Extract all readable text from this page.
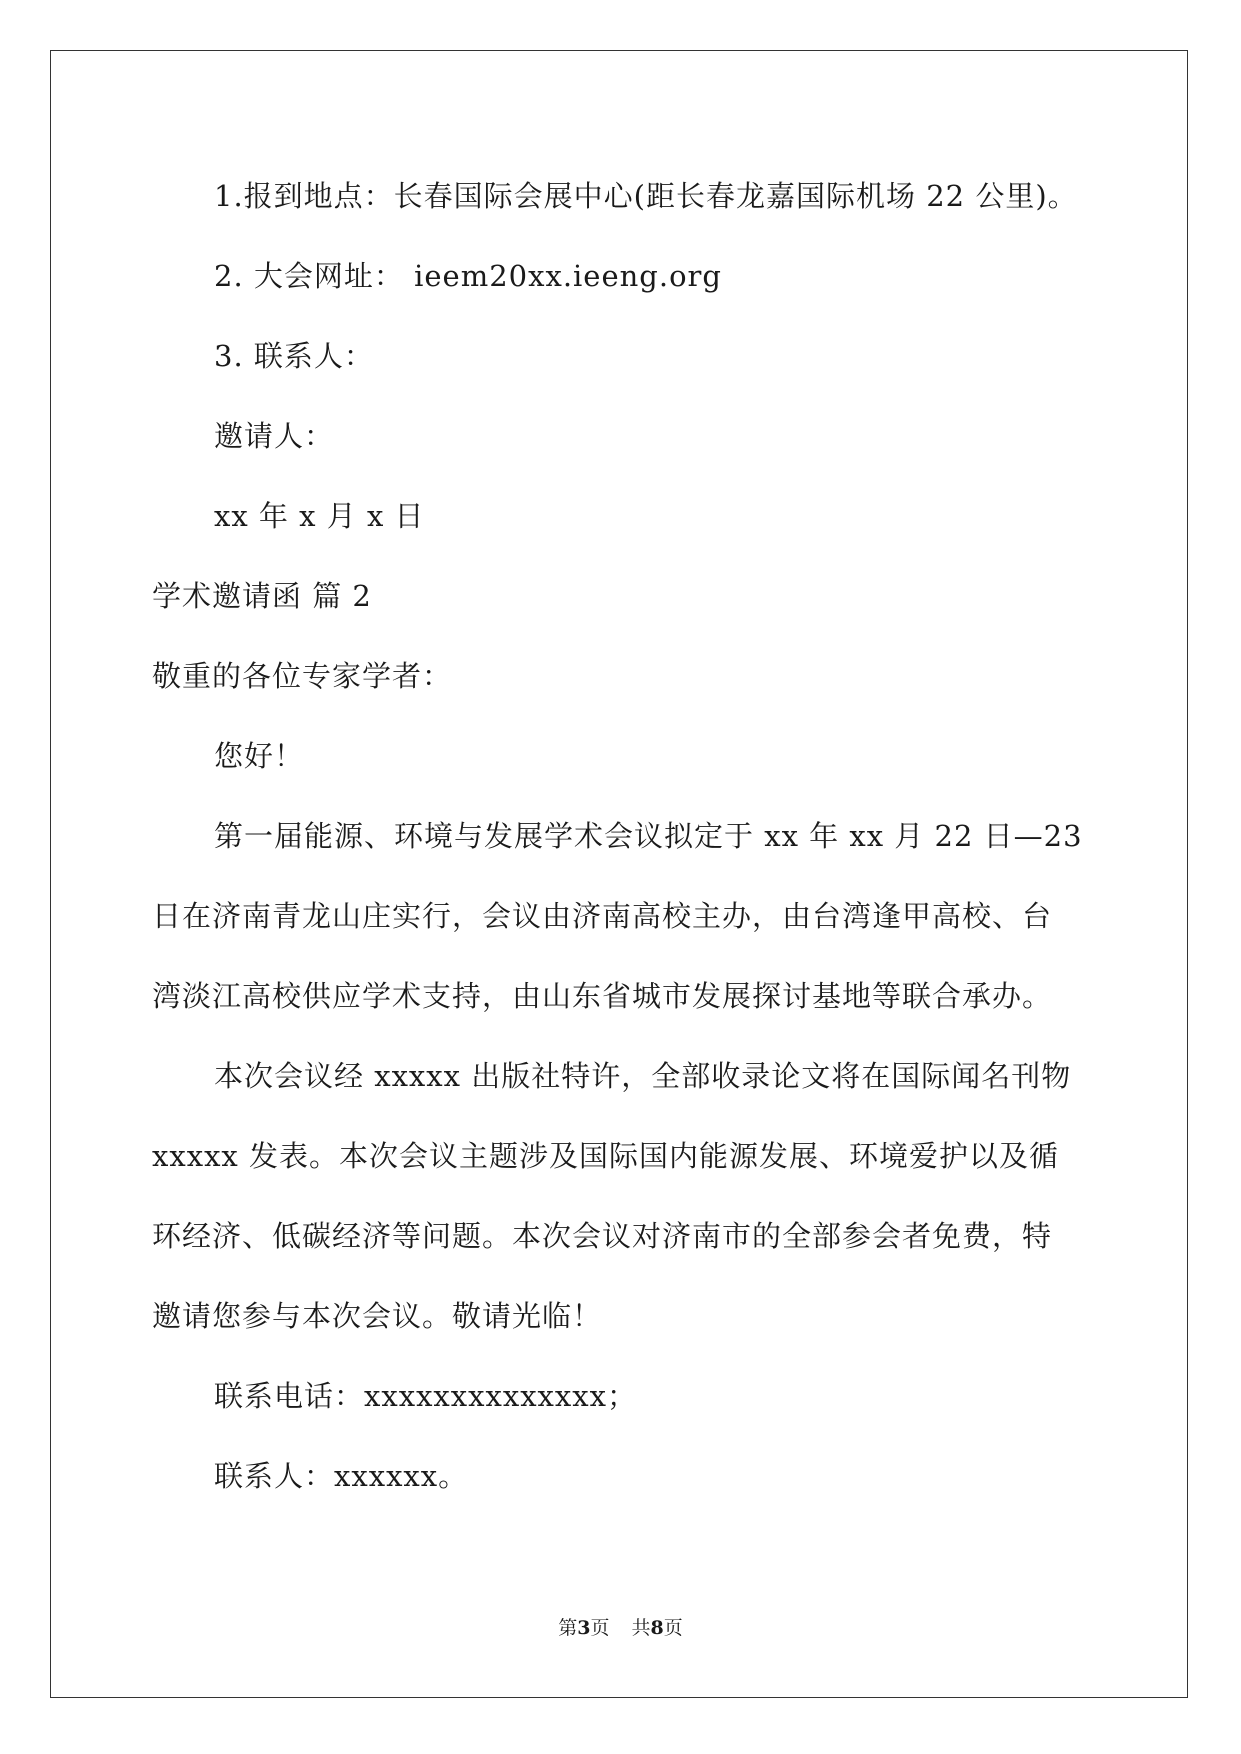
1.报到地点：长春国际会展中心(距长春龙嘉国际机场 22 公里)。
2. 大会网址： ieem20xx.ieeng.org
3. 联系人：
邀请人：
xx 年 x 月 x 日
学术邀请函 篇 2
敬重的各位专家学者：
您好！
第一届能源、环境与发展学术会议拟定于 xx 年 xx 月 22 日—23
日在济南青龙山庄实行，会议由济南高校主办，由台湾逢甲高校、台
湾淡江高校供应学术支持，由山东省城市发展探讨基地等联合承办。
本次会议经 xxxxx 出版社特许，全部收录论文将在国际闻名刊物
xxxxx 发表。本次会议主题涉及国际国内能源发展、环境爱护以及循
环经济、低碳经济等问题。本次会议对济南市的全部参会者免费，特
邀请您参与本次会议。敬请光临！
联系电话：xxxxxxxxxxxxxx；
联系人：xxxxxx。
第3页 共8页
